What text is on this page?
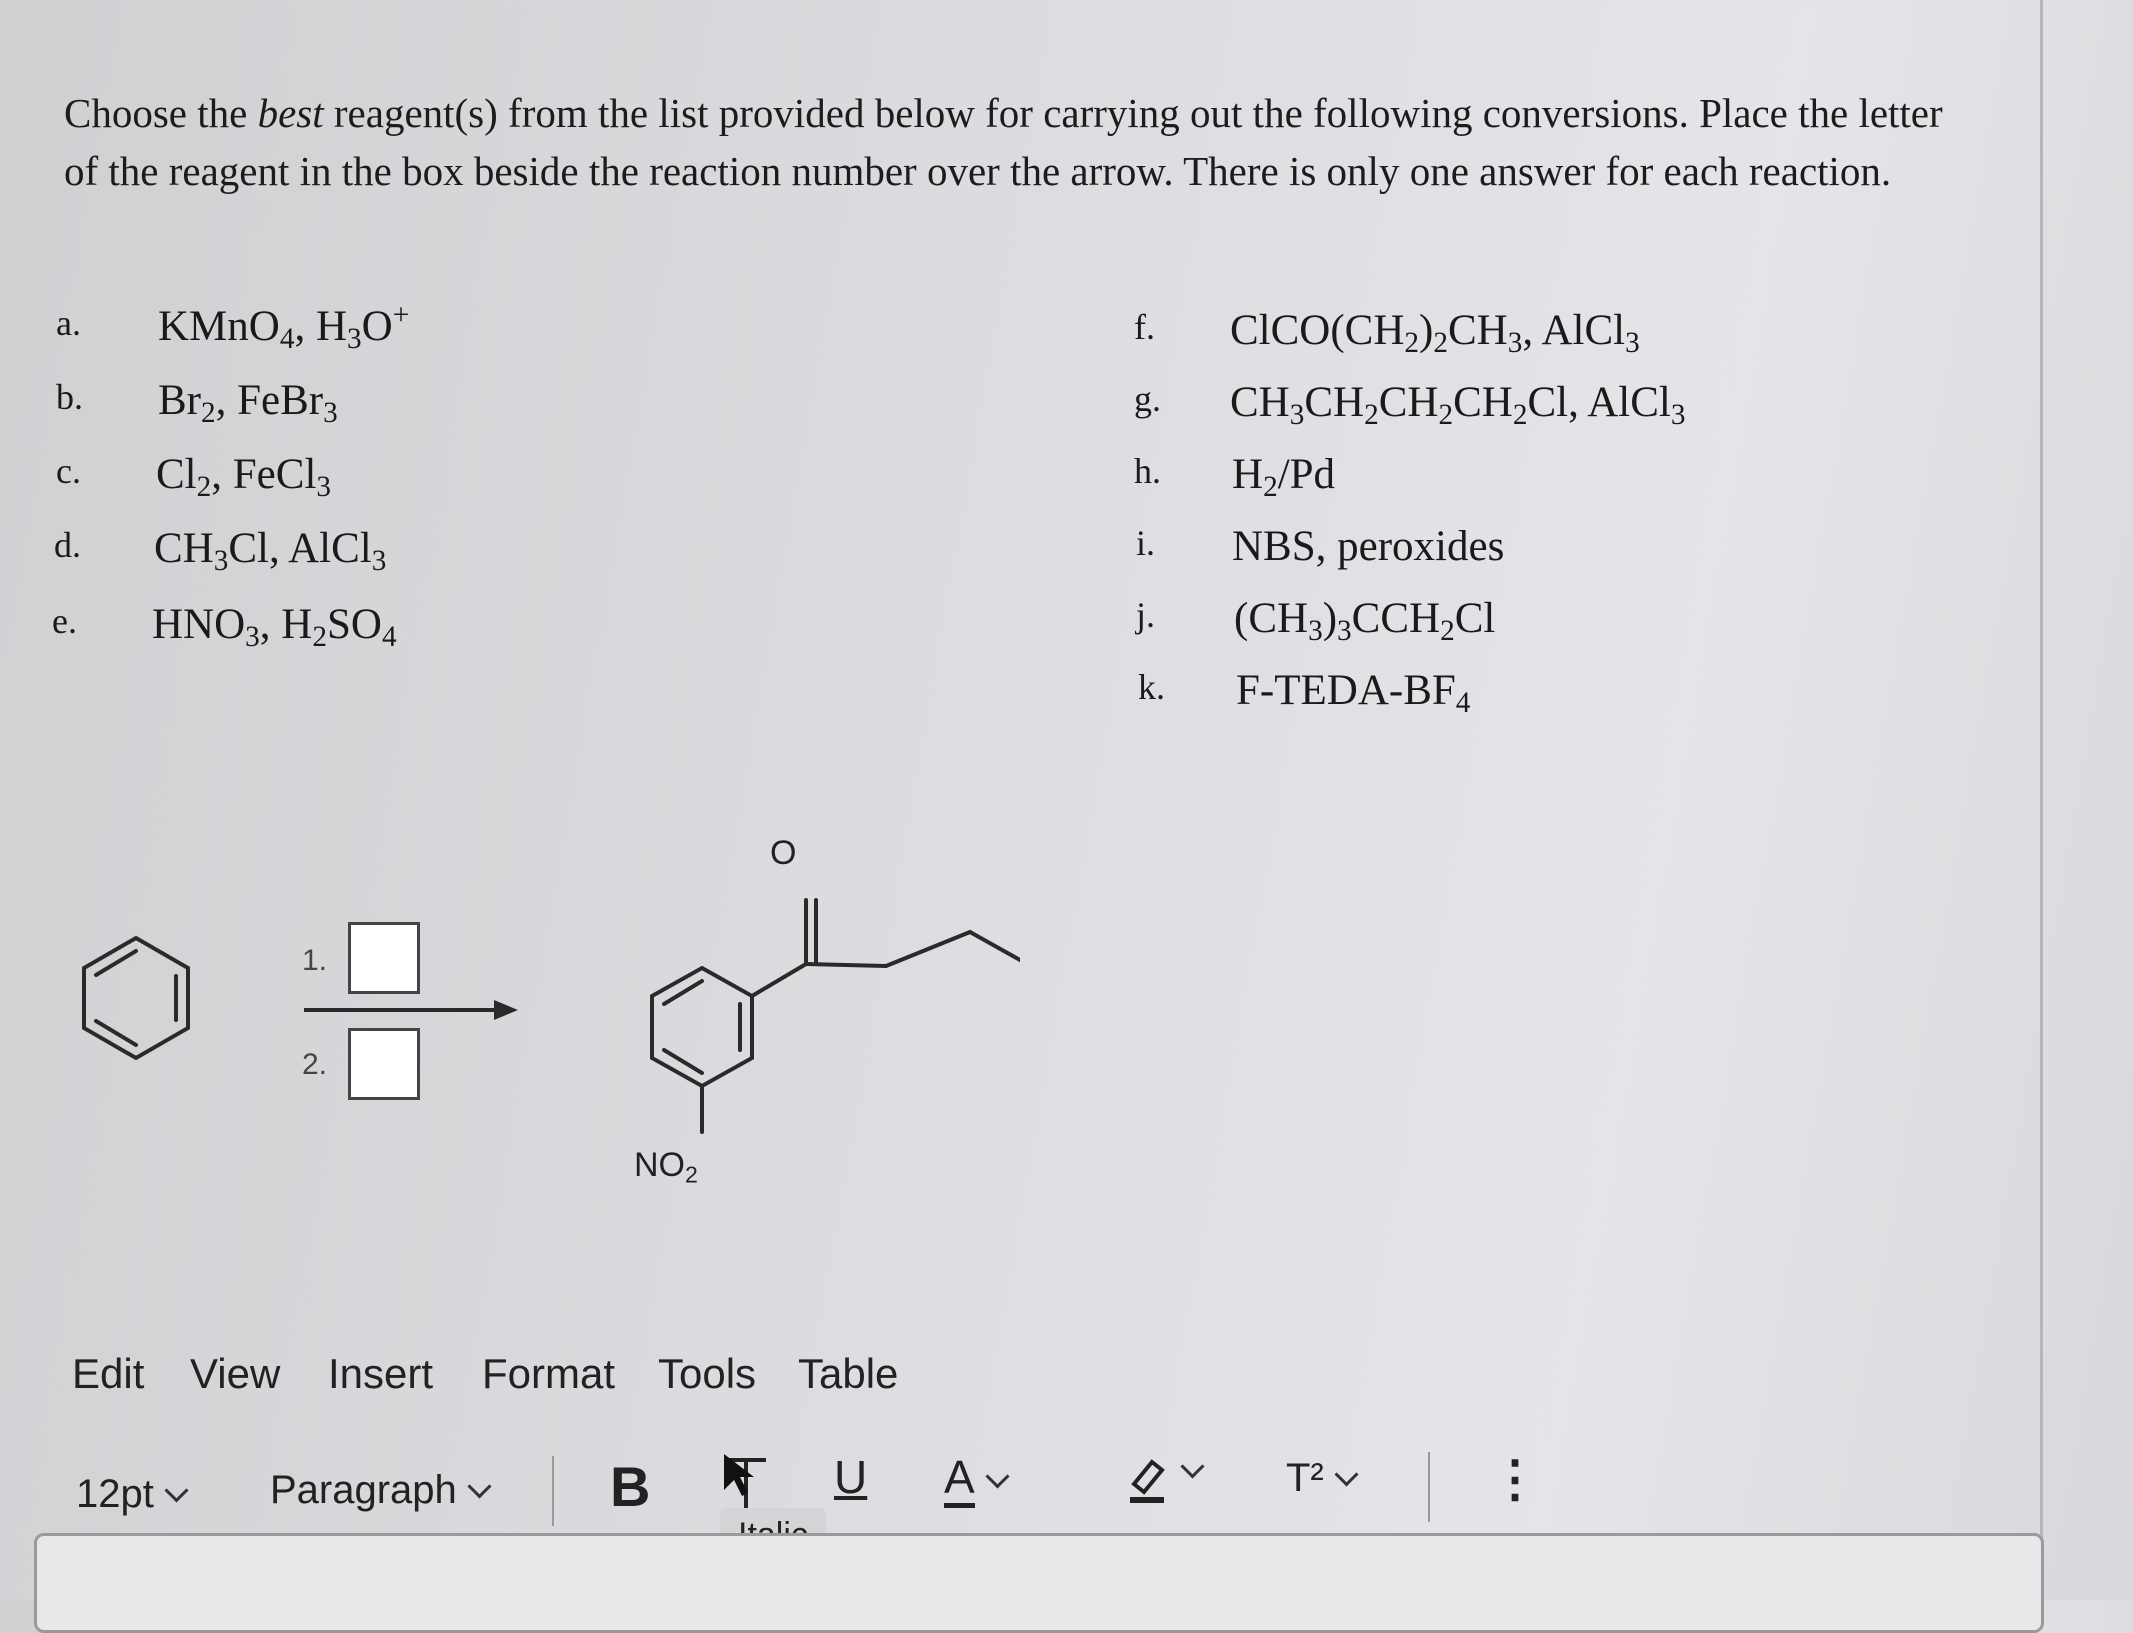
Choose the best reagent(s) from the list provided below for carrying out the following conversions. Place the letter
of the reagent in the box beside the reaction number over the arrow. There is only one answer for each reaction.
a. KMnO$_4$, $H_3O^+$
b. $Br_2$, FeBr$_3$
c. $Cl_2$, FeCl$_3$
d. $CH_3Cl$, AlCl$_3$
e. $HNO_3$, $H_2SO_4$
f. $ClCO(CH_2)_2CH_3$, AlCl$_3$
g. $CH_3CH_2CH_2CH_2Cl$, AlCl$_3$
h. $H_2/Pd$
i. NBS, peroxides
j. $(CH_3)_3CCH_2Cl$
k. $F-TEDA-BF_4$
1.
2.
O
$NO_2$
Edit View Insert Format Tools Table
12pt	Paragraph	B	U A	T²	⋮
